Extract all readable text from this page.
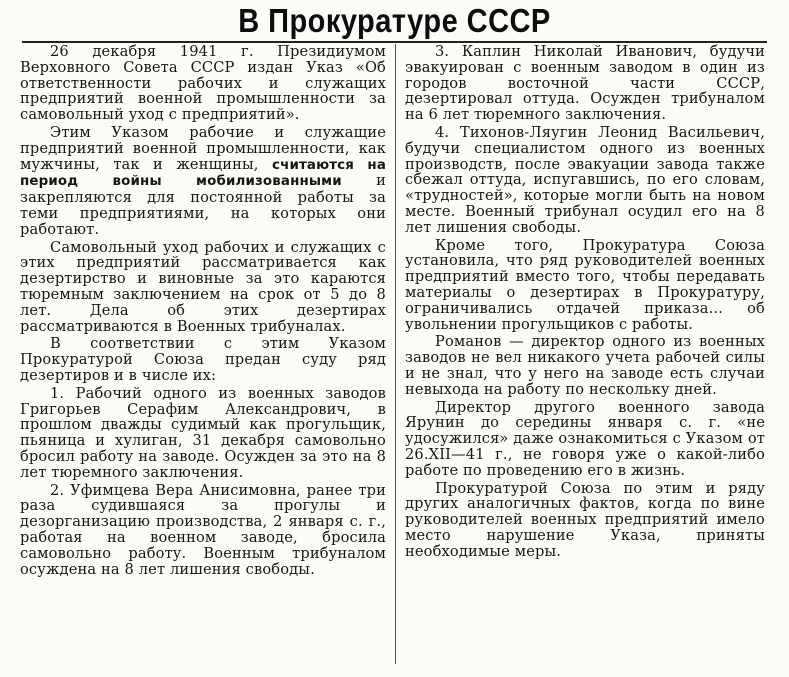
В Прокуратуре СССР

26 декабря 1941 г. Президиумом Верховного Совета СССР издан Указ «Об ответственности рабочих и служащих предприятий военной промышленности за самовольный уход с предприятий».

Этим Указом рабочие и служащие предприятий военной промышленности, как мужчины, так и женщины, считаются на период войны мобилизованными и закрепляются для постоянной работы за теми предприятиями, на которых они работают.

Самовольный уход рабочих и служащих с этих предприятий рассматривается как дезертирство и виновные за это караются тюремным заключением на срок от 5 до 8 лет. Дела об этих дезертирах рассматриваются в Военных трибуналах.

В соответствии с этим Указом Прокуратурой Союза предан суду ряд дезертиров и в числе их:

1. Рабочий одного из военных заводов Григорьев Серафим Александрович, в прошлом дважды судимый как прогульщик, пьяница и хулиган, 31 декабря самовольно бросил работу на заводе. Осужден за это на 8 лет тюремного заключения.

2. Уфимцева Вера Анисимовна, ранее три раза судившаяся за прогулы и дезорганизацию производства, 2 января с. г., работая на военном заводе, бросила самовольно работу. Военным трибуналом осуждена на 8 лет лишения свободы.

3. Каплин Николай Иванович, будучи эвакуирован с военным заводом в один из городов восточной части СССР, дезертировал оттуда. Осужден трибуналом на 6 лет тюремного заключения.

4. Тихонов-Ляугин Леонид Васильевич, будучи специалистом одного из военных производств, после эвакуации завода также сбежал оттуда, испугавшись, по его словам, «трудностей», которые могли быть на новом месте. Военный трибунал осудил его на 8 лет лишения свободы.

Кроме того, Прокуратура Союза установила, что ряд руководителей военных предприятий вместо того, чтобы передавать материалы о дезертирах в Прокуратуру, ограничивались отдачей приказа... об увольнении прогульщиков с работы.

Романов — директор одного из военных заводов не вел никакого учета рабочей силы и не знал, что у него на заводе есть случаи невыхода на работу по нескольку дней.

Директор другого военного завода Ярунин до середины января с. г. «не удосужился» даже ознакомиться с Указом от 26.XII—41 г., не говоря уже о какой-либо работе по проведению его в жизнь.

Прокуратурой Союза по этим и ряду других аналогичных фактов, когда по вине руководителей военных предприятий имело место нарушение Указа, приняты необходимые меры.
